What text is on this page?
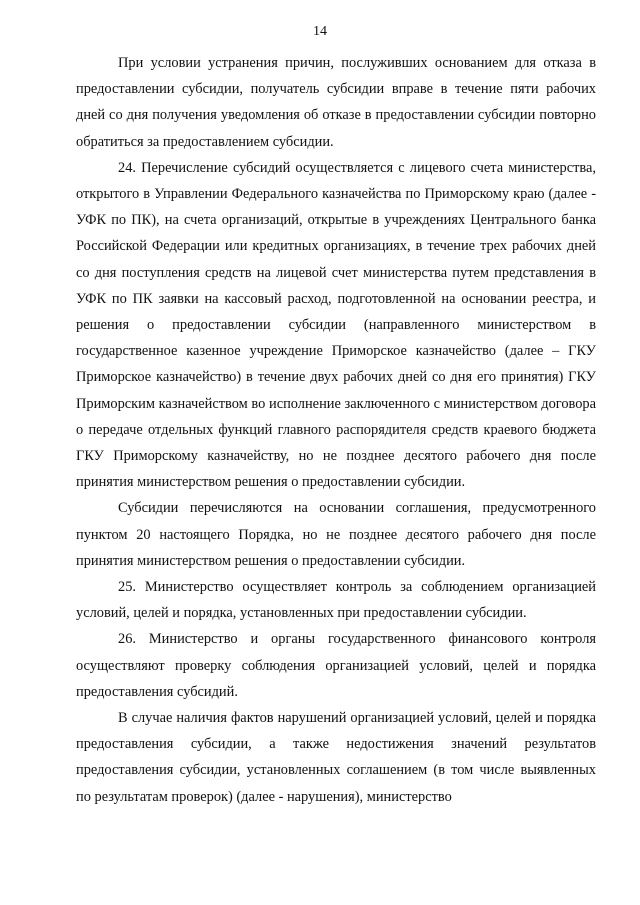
14

При условии устранения причин, послуживших основанием для отказа в предоставлении субсидии, получатель субсидии вправе в течение пяти рабочих дней со дня получения уведомления об отказе в предоставлении субсидии повторно обратиться за предоставлением субсидии.

24. Перечисление субсидий осуществляется с лицевого счета министерства, открытого в Управлении Федерального казначейства по Приморскому краю (далее - УФК по ПК), на счета организаций, открытые в учреждениях Центрального банка Российской Федерации или кредитных организациях, в течение трех рабочих дней со дня поступления средств на лицевой счет министерства путем представления в УФК по ПК заявки на кассовый расход, подготовленной на основании реестра, и решения о предоставлении субсидии (направленного министерством в государственное казенное учреждение Приморское казначейство (далее – ГКУ Приморское казначейство) в течение двух рабочих дней со дня его принятия) ГКУ Приморским казначейством во исполнение заключенного с министерством договора о передаче отдельных функций главного распорядителя средств краевого бюджета ГКУ Приморскому казначейству, но не позднее десятого рабочего дня после принятия министерством решения о предоставлении субсидии.

Субсидии перечисляются на основании соглашения, предусмотренного пунктом 20 настоящего Порядка, но не позднее десятого рабочего дня после принятия министерством решения о предоставлении субсидии.

25. Министерство осуществляет контроль за соблюдением организацией условий, целей и порядка, установленных при предоставлении субсидии.

26. Министерство и органы государственного финансового контроля осуществляют проверку соблюдения организацией условий, целей и порядка предоставления субсидий.

В случае наличия фактов нарушений организацией условий, целей и порядка предоставления субсидии, а также недостижения значений результатов предоставления субсидии, установленных соглашением (в том числе выявленных по результатам проверок) (далее - нарушения), министерство
